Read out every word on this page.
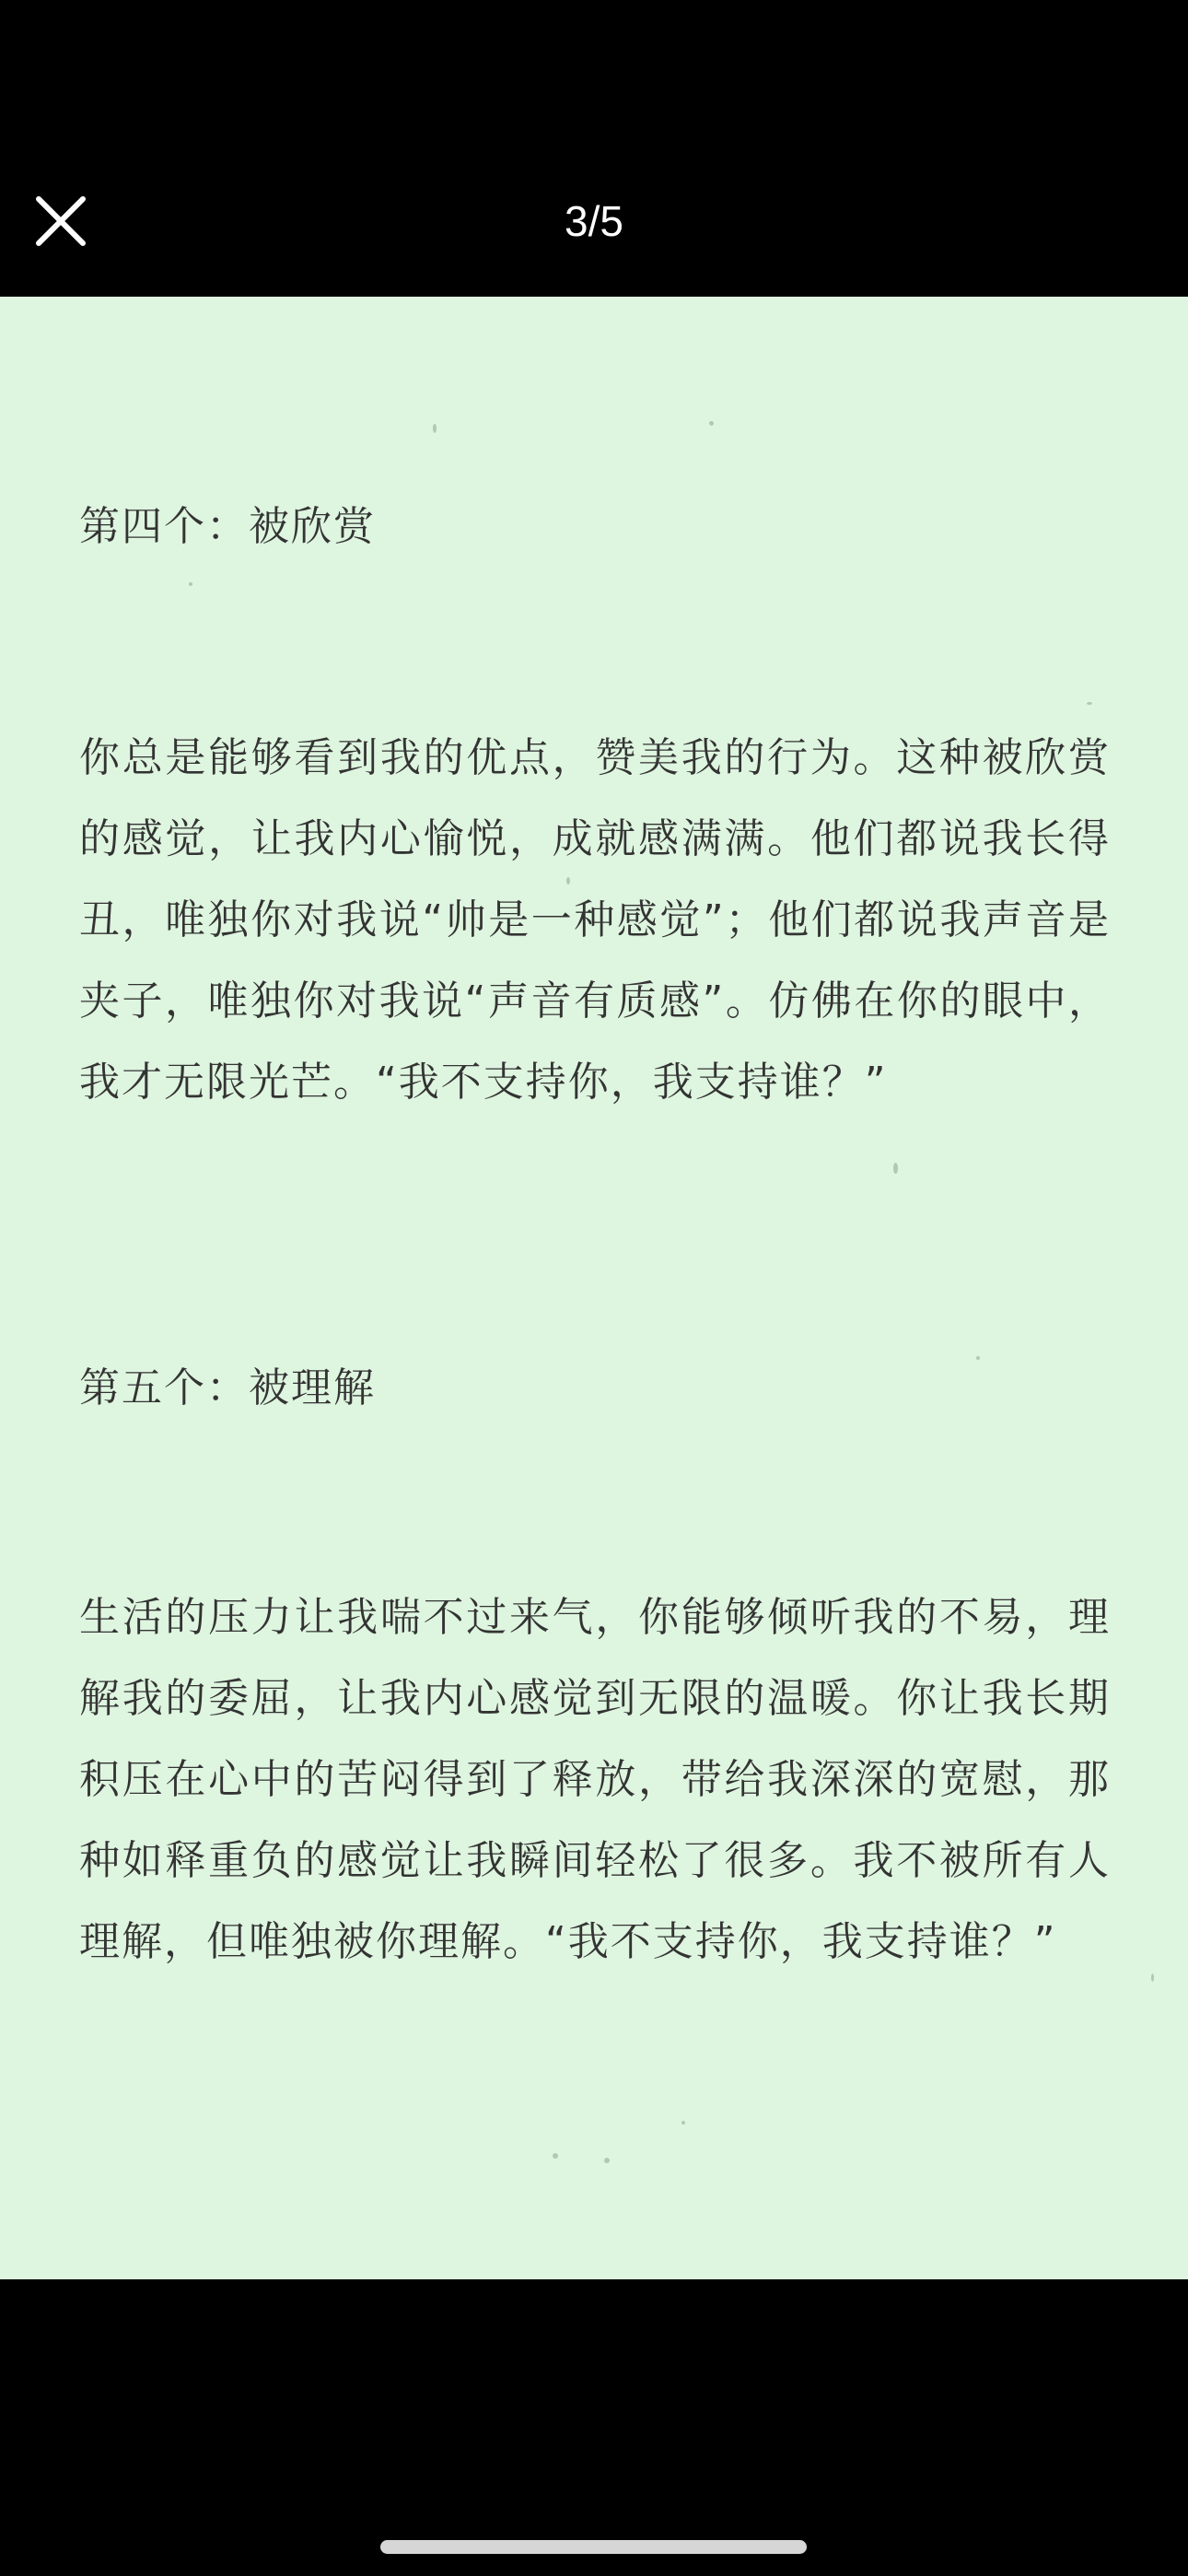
3/5
第四个：被欣赏
你总是能够看到我的优点，赞美我的行为。这种被欣赏的感觉，让我内心愉悦，成就感满满。他们都说我长得丑，唯独你对我说“帅是一种感觉”；他们都说我声音是夹子，唯独你对我说“声音有质感”。仿佛在你的眼中，我才无限光芒。“我不支持你，我支持谁？”
第五个：被理解
生活的压力让我喘不过来气，你能够倾听我的不易，理解我的委屈，让我内心感觉到无限的温暖。你让我长期积压在心中的苦闷得到了释放，带给我深深的宽慰，那种如释重负的感觉让我瞬间轻松了很多。我不被所有人理解，但唯独被你理解。“我不支持你，我支持谁？”
